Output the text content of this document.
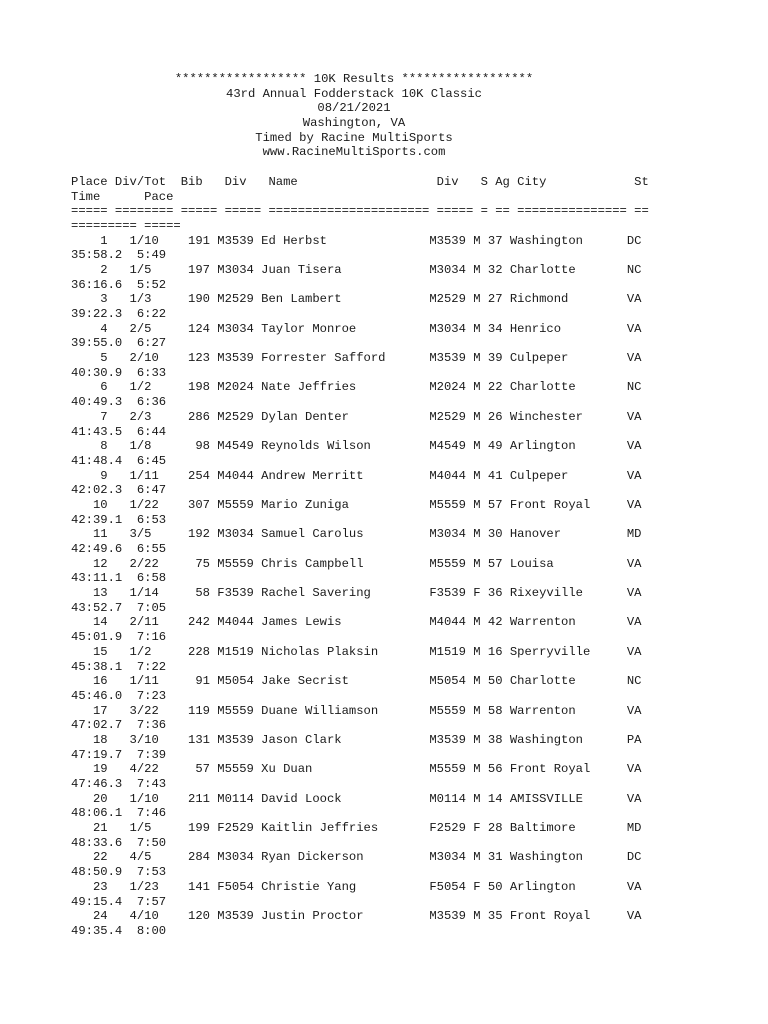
****************** 10K Results ******************
43rd Annual Fodderstack 10K Classic
08/21/2021
Washington, VA
Timed by Racine MultiSports
www.RacineMultiSports.com
Place Div/Tot  Bib   Div   Name                   Div   S Ag City            St
Time      Pace
===== ======== ===== ===== ====================== ===== = == =============== ==
========= =====
1   1/10    191 M3539 Ed Herbst              M3539 M 37 Washington      DC
35:58.2  5:49
2   1/5     197 M3034 Juan Tisera            M3034 M 32 Charlotte       NC
36:16.6  5:52
3   1/3     190 M2529 Ben Lambert            M2529 M 27 Richmond        VA
39:22.3  6:22
4   2/5     124 M3034 Taylor Monroe          M3034 M 34 Henrico         VA
39:55.0  6:27
5   2/10    123 M3539 Forrester Safford      M3539 M 39 Culpeper        VA
40:30.9  6:33
6   1/2     198 M2024 Nate Jeffries          M2024 M 22 Charlotte       NC
40:49.3  6:36
7   2/3     286 M2529 Dylan Denter           M2529 M 26 Winchester      VA
41:43.5  6:44
8   1/8      98 M4549 Reynolds Wilson        M4549 M 49 Arlington       VA
41:48.4  6:45
9   1/11    254 M4044 Andrew Merritt         M4044 M 41 Culpeper        VA
42:02.3  6:47
10   1/22    307 M5559 Mario Zuniga           M5559 M 57 Front Royal     VA
42:39.1  6:53
11   3/5     192 M3034 Samuel Carolus         M3034 M 30 Hanover         MD
42:49.6  6:55
12   2/22     75 M5559 Chris Campbell         M5559 M 57 Louisa          VA
43:11.1  6:58
13   1/14     58 F3539 Rachel Savering        F3539 F 36 Rixeyville      VA
43:52.7  7:05
14   2/11    242 M4044 James Lewis            M4044 M 42 Warrenton       VA
45:01.9  7:16
15   1/2     228 M1519 Nicholas Plaksin       M1519 M 16 Sperryville     VA
45:38.1  7:22
16   1/11     91 M5054 Jake Secrist           M5054 M 50 Charlotte       NC
45:46.0  7:23
17   3/22    119 M5559 Duane Williamson       M5559 M 58 Warrenton       VA
47:02.7  7:36
18   3/10    131 M3539 Jason Clark            M3539 M 38 Washington      PA
47:19.7  7:39
19   4/22     57 M5559 Xu Duan                M5559 M 56 Front Royal     VA
47:46.3  7:43
20   1/10    211 M0114 David Loock            M0114 M 14 AMISSVILLE      VA
48:06.1  7:46
21   1/5     199 F2529 Kaitlin Jeffries       F2529 F 28 Baltimore       MD
48:33.6  7:50
22   4/5     284 M3034 Ryan Dickerson         M3034 M 31 Washington      DC
48:50.9  7:53
23   1/23    141 F5054 Christie Yang          F5054 F 50 Arlington       VA
49:15.4  7:57
24   4/10    120 M3539 Justin Proctor         M3539 M 35 Front Royal     VA
49:35.4  8:00
